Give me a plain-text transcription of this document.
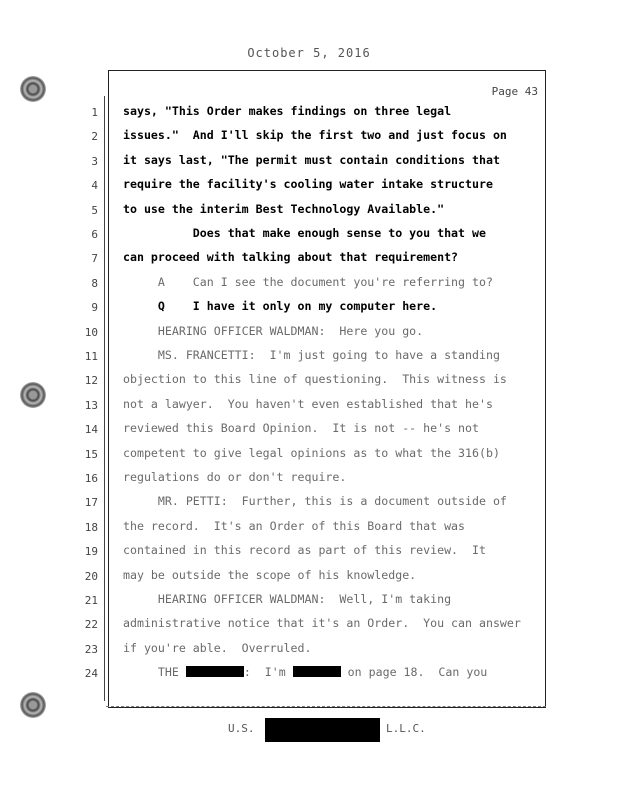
October 5, 2016
Page 43
1 says, "This Order makes findings on three legal
2 issues."  And I'll skip the first two and just focus on
3 it says last, "The permit must contain conditions that
4 require the facility's cooling water intake structure
5 to use the interim Best Technology Available."
6 Does that make enough sense to you that we
7 can proceed with talking about that requirement?
8 A    Can I see the document you're referring to?
9 Q    I have it only on my computer here.
10 HEARING OFFICER WALDMAN:  Here you go.
11 MS. FRANCETTI:  I'm just going to have a standing
12 objection to this line of questioning.  This witness is
13 not a lawyer.  You haven't even established that he's
14 reviewed this Board Opinion.  It is not -- he's not
15 competent to give legal opinions as to what the 316(b)
16 regulations do or don't require.
17 MR. PETTI:  Further, this is a document outside of
18 the record.  It's an Order of this Board that was
19 contained in this record as part of this review.  It
20 may be outside the scope of his knowledge.
21 HEARING OFFICER WALDMAN:  Well, I'm taking
22 administrative notice that it's an Order.  You can answer
23 if you're able.  Overruled.
24 THE	:  I'm	on page 18.  Can you
U.S.	L.L.C.
